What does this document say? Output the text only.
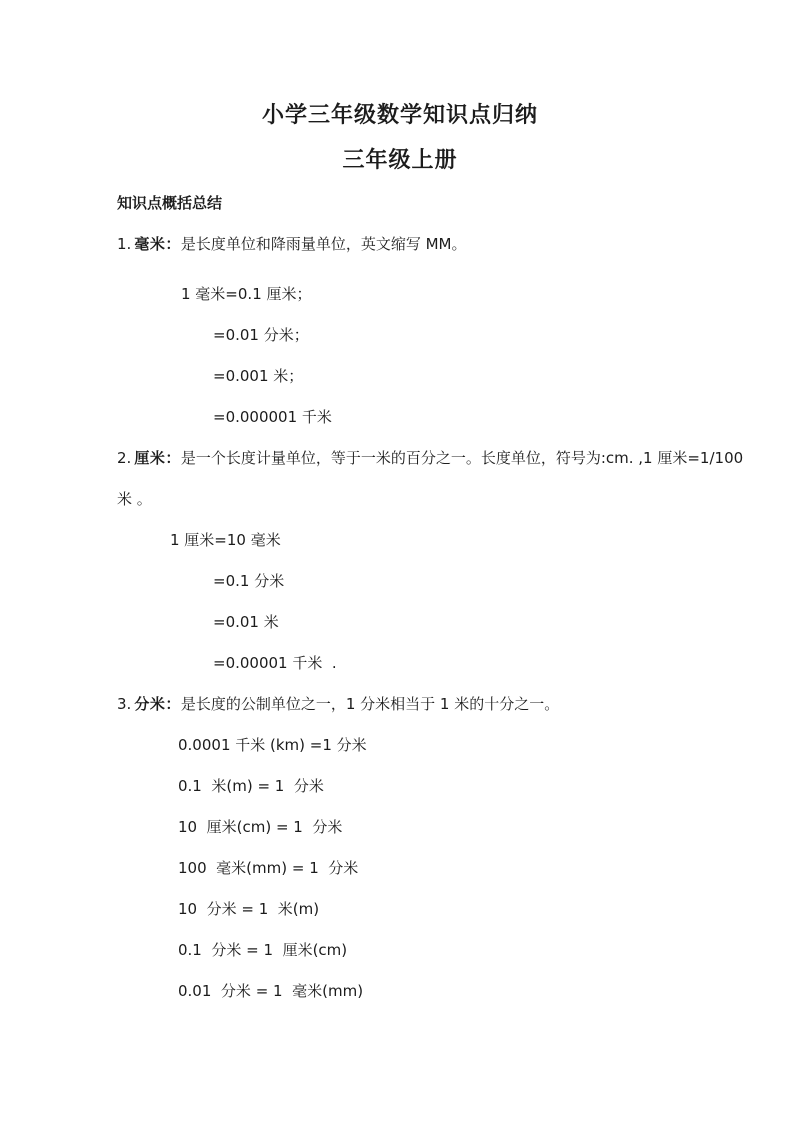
小学三年级数学知识点归纳
三年级上册

知识点概括总结

1. 毫米：是长度单位和降雨量单位，英文缩写 MM。

1 毫米=0.1 厘米；

=0.01 分米；

=0.001 米；

=0.000001 千米

2. 厘米：是一个长度计量单位，等于一米的百分之一。长度单位，符号为:cm. ,1 厘米=1/100

米 。

1 厘米=10 毫米

=0.1 分米

=0.01 米

=0.00001 千米  .

3. 分米：是长度的公制单位之一，1 分米相当于 1 米的十分之一。

0.0001 千米 (km) =1 分米

0.1  米(m) = 1  分米

10  厘米(cm) = 1  分米

100  毫米(mm) = 1  分米

10  分米 = 1  米(m)

0.1  分米 = 1  厘米(cm)

0.01  分米 = 1  毫米(mm)
